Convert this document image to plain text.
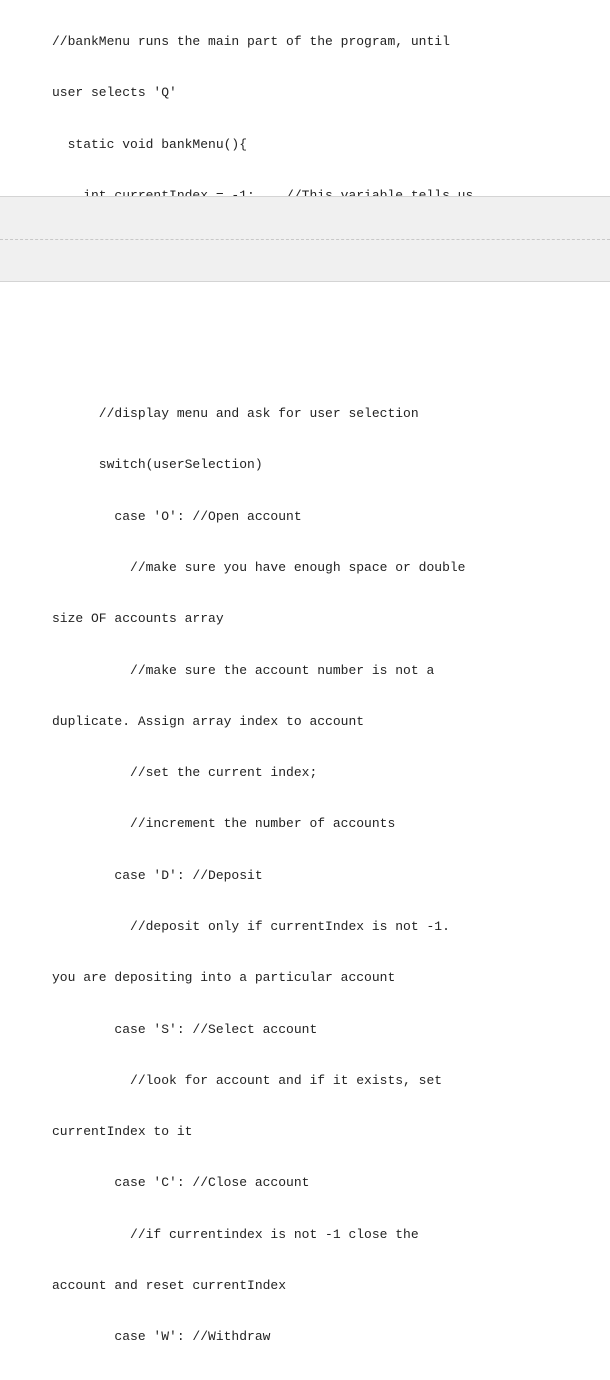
//bankMenu runs the main part of the program, until

user selects 'Q'

static void bankMenu(){

//display menu and ask for user selection

switch(userSelection)

case 'O': //Open account

//make sure you have enough space or double

size OF accounts array

//make sure the account number is not a

duplicate. Assign array index to account

//set the current index;

//increment the number of accounts

case 'D': //Deposit

//deposit only if currentIndex is not -1.

you are depositing into a particular account

case 'S': //Select account

//look for account and if it exists, set

currentIndex to it

case 'C': //Close account

//if currentindex is not -1 close the

account and reset currentIndex

case 'W': //Withdraw
